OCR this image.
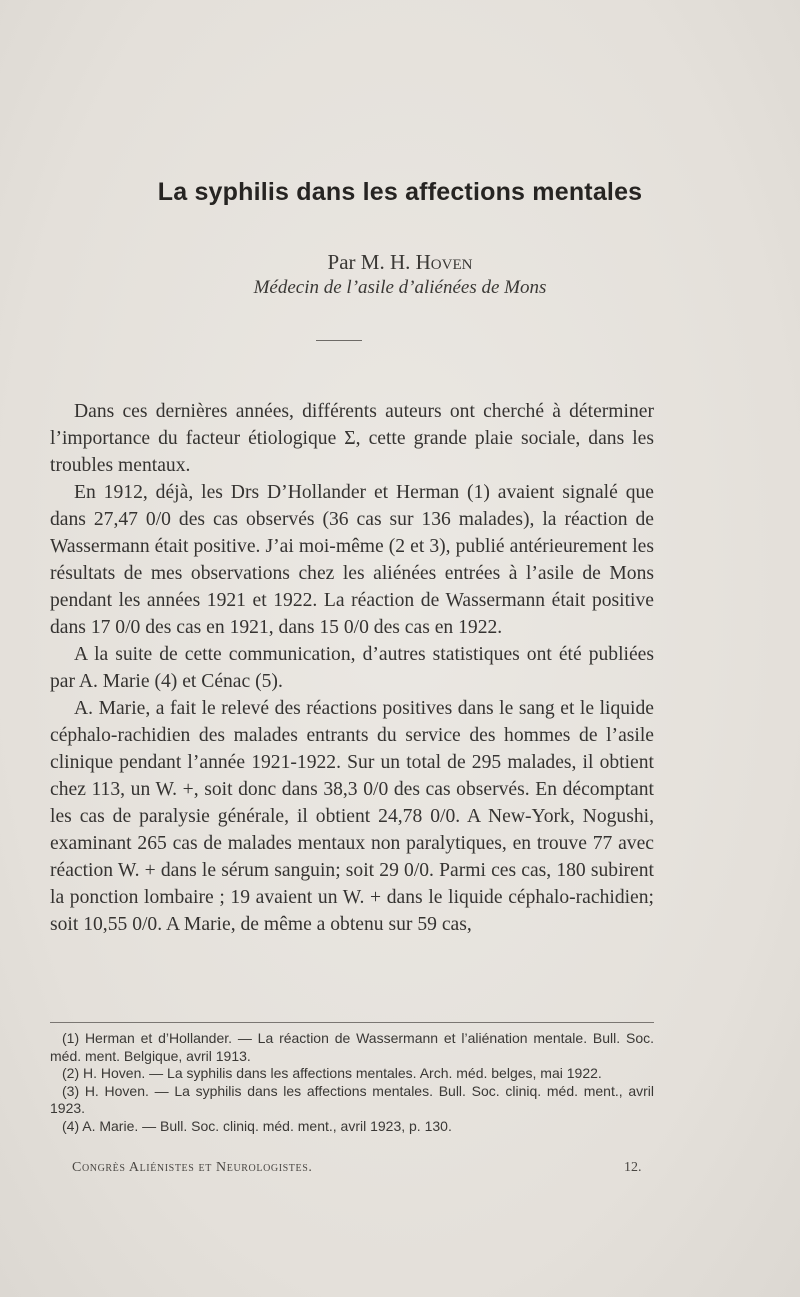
La syphilis dans les affections mentales
Par M. H. Hoven
Médecin de l’asile d’aliénées de Mons

Dans ces dernières années, différents auteurs ont cherché à déterminer l’importance du facteur étiologique Σ, cette grande plaie sociale, dans les troubles mentaux.

En 1912, déjà, les Drs D’Hollander et Herman (1) avaient signalé que dans 27,47 0/0 des cas observés (36 cas sur 136 malades), la réaction de Wassermann était positive. J’ai moi-même (2 et 3), publié antérieurement les résultats de mes observations chez les aliénées entrées à l’asile de Mons pendant les années 1921 et 1922. La réaction de Wassermann était positive dans 17 0/0 des cas en 1921, dans 15 0/0 des cas en 1922.

A la suite de cette communication, d’autres statistiques ont été publiées par A. Marie (4) et Cénac (5).

A. Marie, a fait le relevé des réactions positives dans le sang et le liquide céphalo-rachidien des malades entrants du service des hommes de l’asile clinique pendant l’année 1921-1922. Sur un total de 295 malades, il obtient chez 113, un W. +, soit donc dans 38,3 0/0 des cas observés. En décomptant les cas de paralysie générale, il obtient 24,78 0/0. A New-York, Nogushi, examinant 265 cas de malades mentaux non paralytiques, en trouve 77 avec réaction W. + dans le sérum sanguin; soit 29 0/0. Parmi ces cas, 180 subirent la ponction lombaire ; 19 avaient un W. + dans le liquide céphalo-rachidien; soit 10,55 0/0. A Marie, de même a obtenu sur 59 cas,

(1) Herman et d’Hollander. — La réaction de Wassermann et l’aliénation mentale. Bull. Soc. méd. ment. Belgique, avril 1913.

(2) H. Hoven. — La syphilis dans les affections mentales. Arch. méd. belges, mai 1922.

(3) H. Hoven. — La syphilis dans les affections mentales. Bull. Soc. cliniq. méd. ment., avril 1923.

(4) A. Marie. — Bull. Soc. cliniq. méd. ment., avril 1923, p. 130.

Congrès Aliénistes et Neurologistes.	12.
